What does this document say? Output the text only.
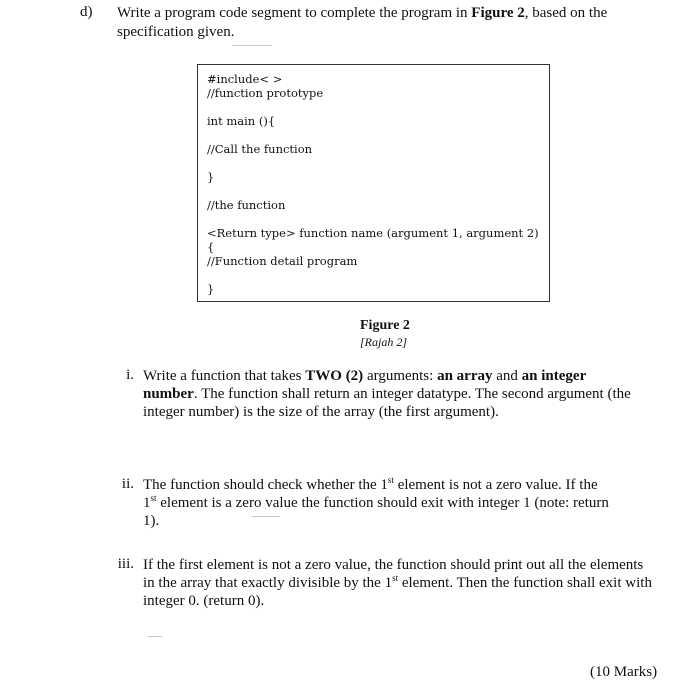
d) Write a program code segment to complete the program in Figure 2, based on the specification given.
#include< >
//function prototype
int main (){
//Call the function
}
//the function
<Return type> function name (argument 1, argument 2)
{
//Function detail program
}
Figure 2
[Rajah 2]
i. Write a function that takes TWO (2) arguments: an array and an integer number. The function shall return an integer datatype. The second argument (the integer number) is the size of the array (the first argument).
ii. The function should check whether the 1st element is not a zero value. If the 1st element is a zero value the function should exit with integer 1 (note: return 1).
iii. If the first element is not a zero value, the function should print out all the elements in the array that exactly divisible by the 1st element. Then the function shall exit with integer 0. (return 0).
(10 Marks)
